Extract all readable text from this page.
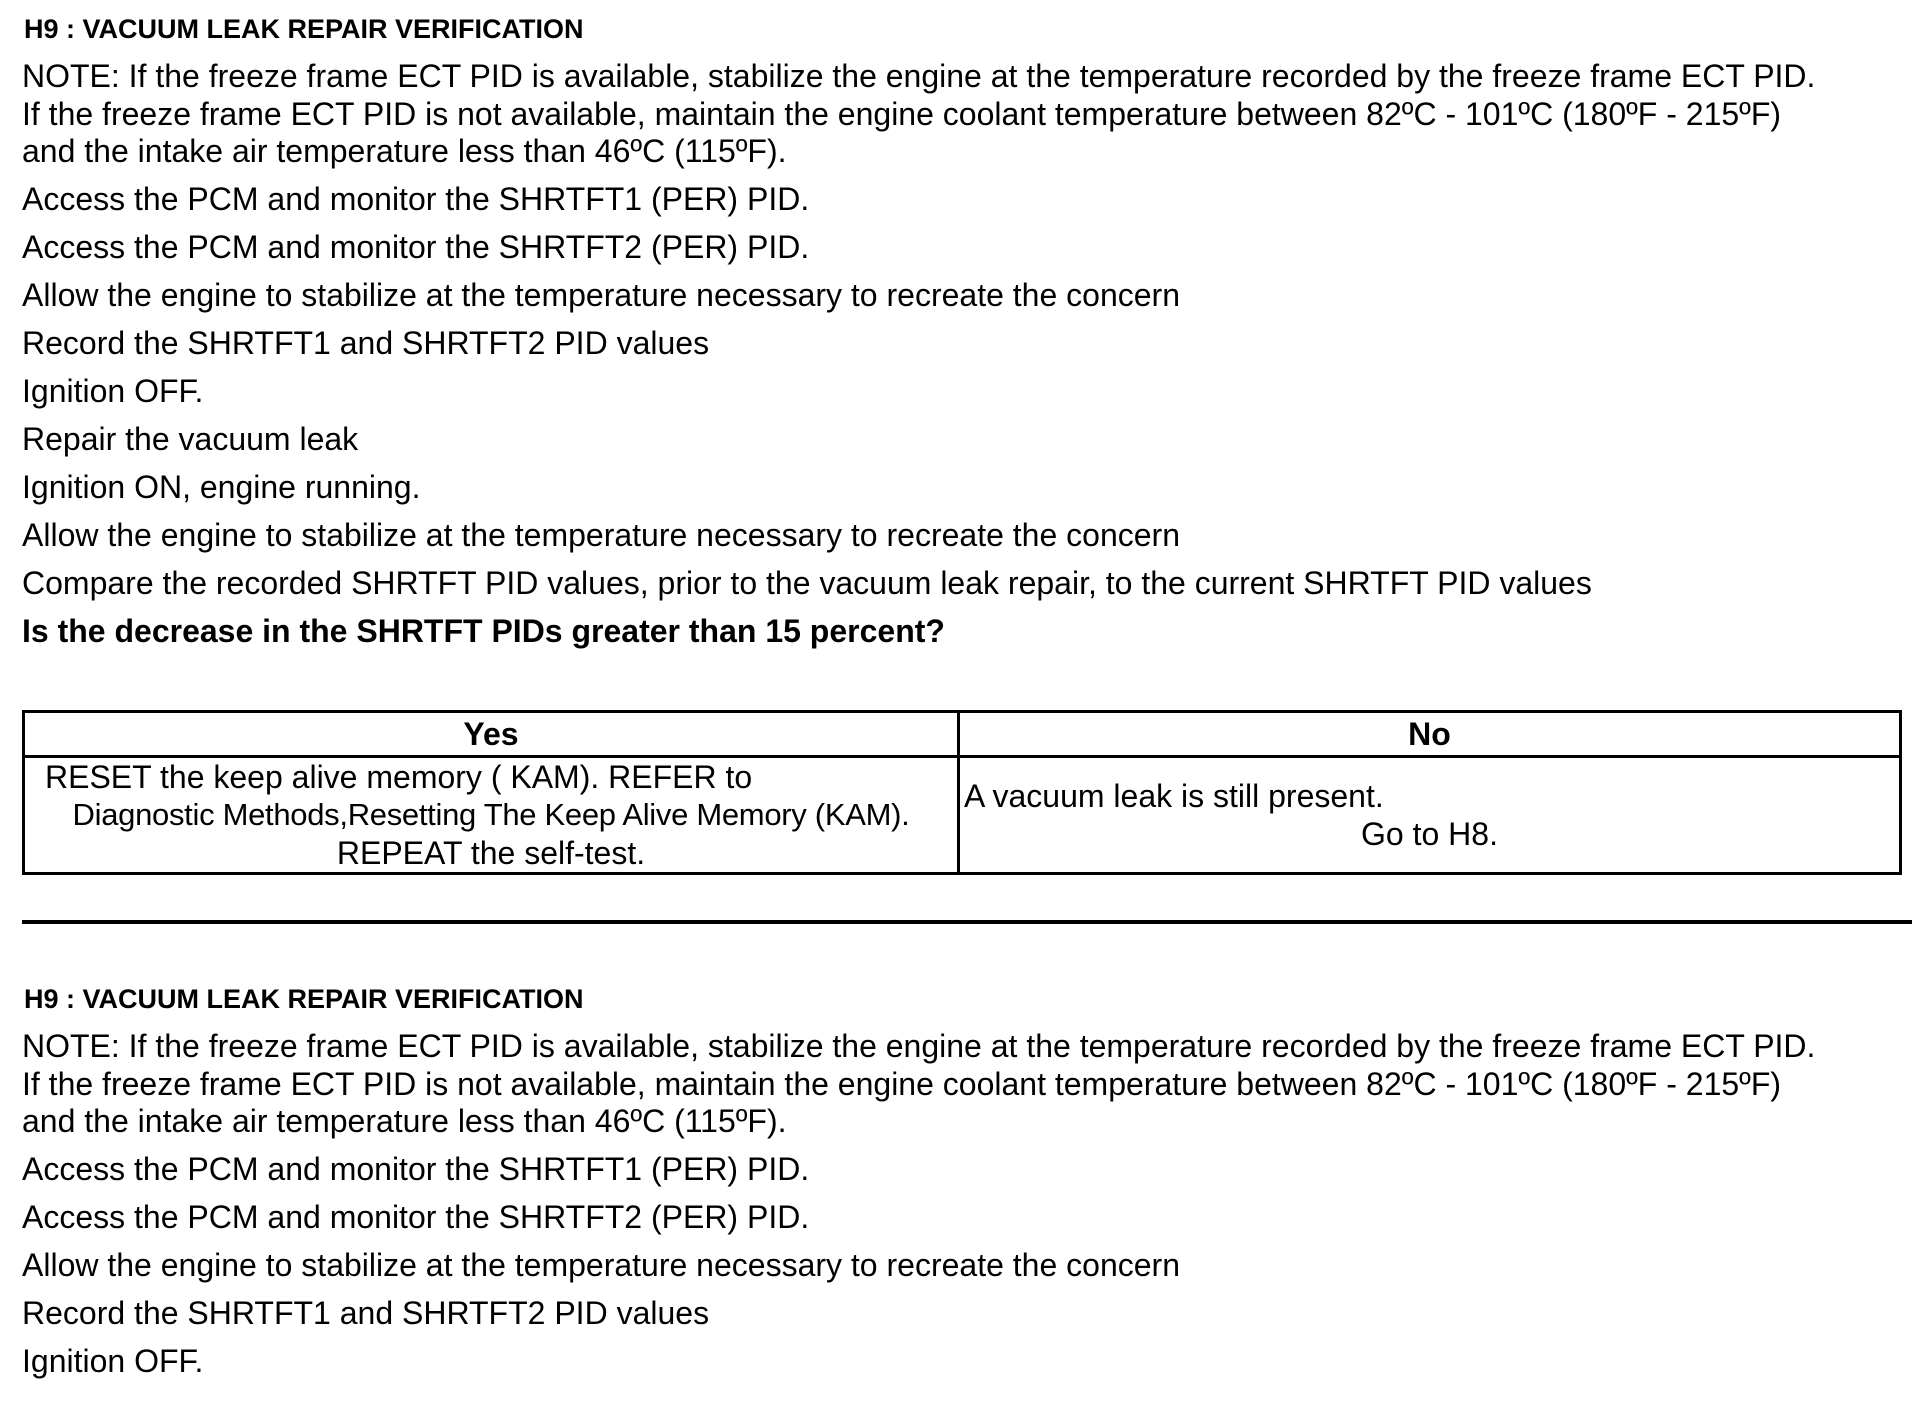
H9 : VACUUM LEAK REPAIR VERIFICATION
NOTE: If the freeze frame ECT PID is available, stabilize the engine at the temperature recorded by the freeze frame ECT PID.
If the freeze frame ECT PID is not available, maintain the engine coolant temperature between 82ºC - 101ºC (180ºF - 215ºF)
and the intake air temperature less than 46ºC (115ºF).
Access the PCM and monitor the SHRTFT1 (PER) PID.
Access the PCM and monitor the SHRTFT2 (PER) PID.
Allow the engine to stabilize at the temperature necessary to recreate the concern
Record the SHRTFT1 and SHRTFT2 PID values
Ignition OFF.
Repair the vacuum leak
Ignition ON, engine running.
Allow the engine to stabilize at the temperature necessary to recreate the concern
Compare the recorded SHRTFT PID values, prior to the vacuum leak repair, to the current SHRTFT PID values
Is the decrease in the SHRTFT PIDs greater than 15 percent?
Yes	No

RESET the keep alive memory ( KAM). REFER to
Diagnostic Methods,Resetting The Keep Alive Memory (KAM).
REPEAT the self-test.	A vacuum leak is still present.
Go to H8.
H9 : VACUUM LEAK REPAIR VERIFICATION
NOTE: If the freeze frame ECT PID is available, stabilize the engine at the temperature recorded by the freeze frame ECT PID.
If the freeze frame ECT PID is not available, maintain the engine coolant temperature between 82ºC - 101ºC (180ºF - 215ºF)
and the intake air temperature less than 46ºC (115ºF).
Access the PCM and monitor the SHRTFT1 (PER) PID.
Access the PCM and monitor the SHRTFT2 (PER) PID.
Allow the engine to stabilize at the temperature necessary to recreate the concern
Record the SHRTFT1 and SHRTFT2 PID values
Ignition OFF.
